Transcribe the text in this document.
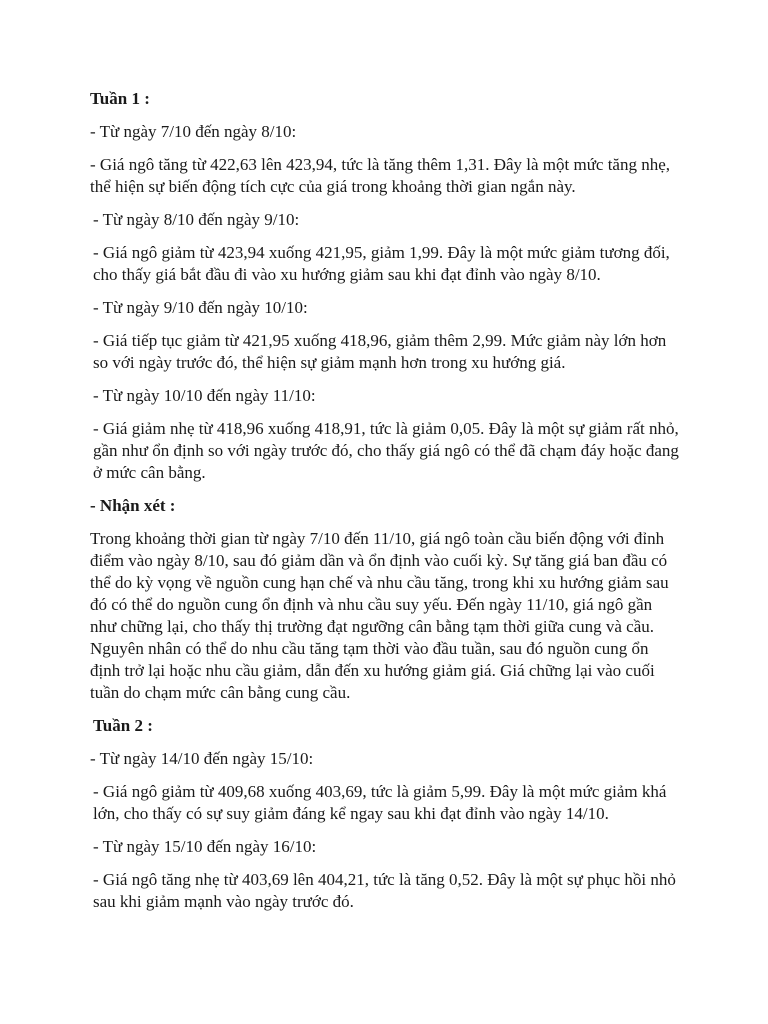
Tuần 1 :

- Từ ngày 7/10 đến ngày 8/10:

- Giá ngô tăng từ 422,63 lên 423,94, tức là tăng thêm 1,31. Đây là một mức tăng nhẹ, thể hiện sự biến động tích cực của giá trong khoảng thời gian ngắn này.

- Từ ngày 8/10 đến ngày 9/10:

- Giá ngô giảm từ 423,94 xuống 421,95, giảm 1,99. Đây là một mức giảm tương đối, cho thấy giá bắt đầu đi vào xu hướng giảm sau khi đạt đỉnh vào ngày 8/10.

- Từ ngày 9/10 đến ngày 10/10:

- Giá tiếp tục giảm từ 421,95 xuống 418,96, giảm thêm 2,99. Mức giảm này lớn hơn so với ngày trước đó, thể hiện sự giảm mạnh hơn trong xu hướng giá.

- Từ ngày 10/10 đến ngày 11/10:

- Giá giảm nhẹ từ 418,96 xuống 418,91, tức là giảm 0,05. Đây là một sự giảm rất nhỏ, gần như ổn định so với ngày trước đó, cho thấy giá ngô có thể đã chạm đáy hoặc đang ở mức cân bằng.

- Nhận xét :

Trong khoảng thời gian từ ngày 7/10 đến 11/10, giá ngô toàn cầu biến động với đỉnh điểm vào ngày 8/10, sau đó giảm dần và ổn định vào cuối kỳ. Sự tăng giá ban đầu có thể do kỳ vọng về nguồn cung hạn chế và nhu cầu tăng, trong khi xu hướng giảm sau đó có thể do nguồn cung ổn định và nhu cầu suy yếu. Đến ngày 11/10, giá ngô gần như chững lại, cho thấy thị trường đạt ngưỡng cân bằng tạm thời giữa cung và cầu. Nguyên nhân có thể do nhu cầu tăng tạm thời vào đầu tuần, sau đó nguồn cung ổn định trở lại hoặc nhu cầu giảm, dẫn đến xu hướng giảm giá. Giá chững lại vào cuối tuần do chạm mức cân bằng cung cầu.

Tuần 2 :

- Từ ngày 14/10 đến ngày 15/10:

- Giá ngô giảm từ 409,68 xuống 403,69, tức là giảm 5,99. Đây là một mức giảm khá lớn, cho thấy có sự suy giảm đáng kể ngay sau khi đạt đỉnh vào ngày 14/10.

- Từ ngày 15/10 đến ngày 16/10:

- Giá ngô tăng nhẹ từ 403,69 lên 404,21, tức là tăng 0,52. Đây là một sự phục hồi nhỏ sau khi giảm mạnh vào ngày trước đó.
